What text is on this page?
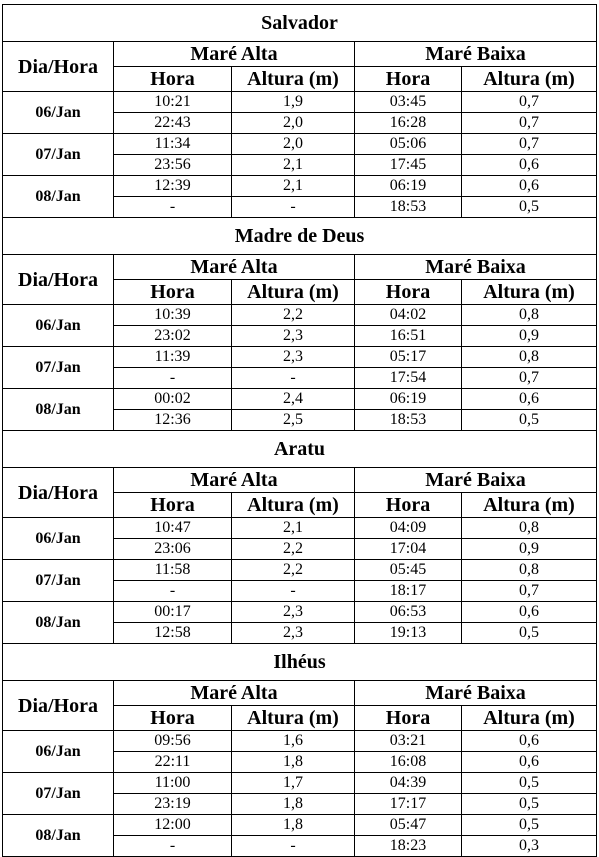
Salvador				
Dia/Hora	Maré Alta		Maré Baixa	
	Hora	Altura (m)	Hora	Altura (m)
06/Jan	10:21	1,9	03:45	0,7
	22:43	2,0	16:28	0,7
07/Jan	11:34	2,0	05:06	0,7
	23:56	2,1	17:45	0,6
08/Jan	12:39	2,1	06:19	0,6
	-	-	18:53	0,5
Madre de Deus				
Dia/Hora	Maré Alta		Maré Baixa	
	Hora	Altura (m)	Hora	Altura (m)
06/Jan	10:39	2,2	04:02	0,8
	23:02	2,3	16:51	0,9
07/Jan	11:39	2,3	05:17	0,8
	-	-	17:54	0,7
08/Jan	00:02	2,4	06:19	0,6
	12:36	2,5	18:53	0,5
Aratu				
Dia/Hora	Maré Alta		Maré Baixa	
	Hora	Altura (m)	Hora	Altura (m)
06/Jan	10:47	2,1	04:09	0,8
	23:06	2,2	17:04	0,9
07/Jan	11:58	2,2	05:45	0,8
	-	-	18:17	0,7
08/Jan	00:17	2,3	06:53	0,6
	12:58	2,3	19:13	0,5
Ilhéus				
Dia/Hora	Maré Alta		Maré Baixa	
	Hora	Altura (m)	Hora	Altura (m)
06/Jan	09:56	1,6	03:21	0,6
	22:11	1,8	16:08	0,6
07/Jan	11:00	1,7	04:39	0,5
	23:19	1,8	17:17	0,5
08/Jan	12:00	1,8	05:47	0,5
	-	-	18:23	0,3
